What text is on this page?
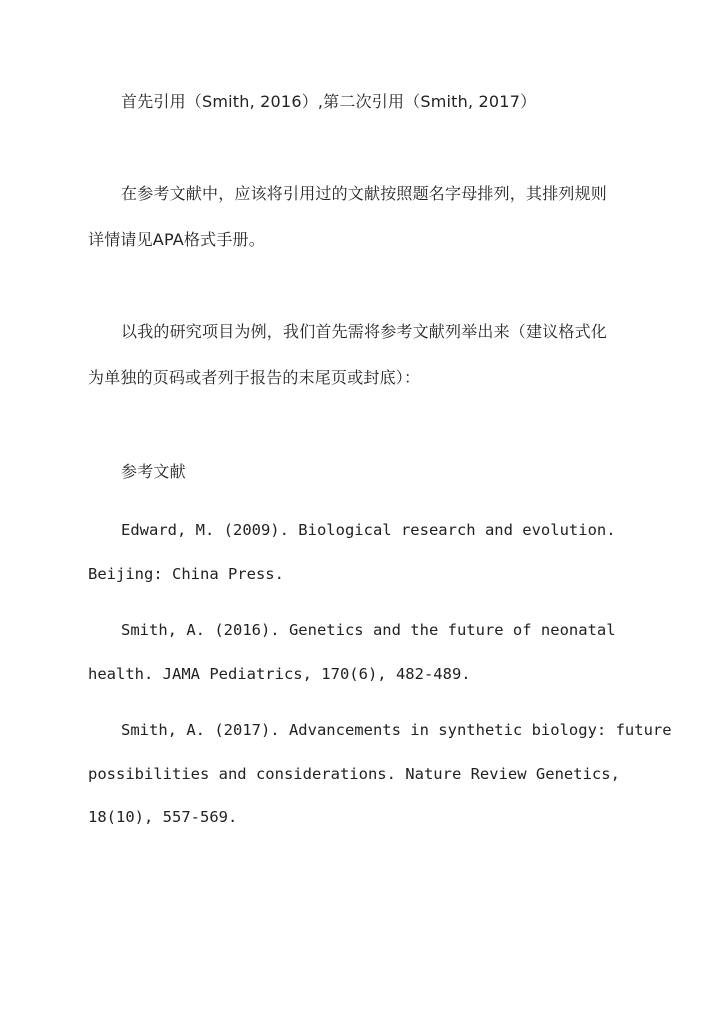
首先引用（Smith, 2016）,第二次引用（Smith, 2017）
在参考文献中，应该将引用过的文献按照题名字母排列，其排列规则
详情请见APA格式手册。
以我的研究项目为例，我们首先需将参考文献列举出来（建议格式化
为单独的页码或者列于报告的末尾页或封底）：
参考文献
Edward, M. (2009). Biological research and evolution.
Beijing: China Press.
Smith, A. (2016). Genetics and the future of neonatal
health. JAMA Pediatrics, 170(6), 482-489.
Smith, A. (2017). Advancements in synthetic biology: future
possibilities and considerations. Nature Review Genetics,
18(10), 557-569.
